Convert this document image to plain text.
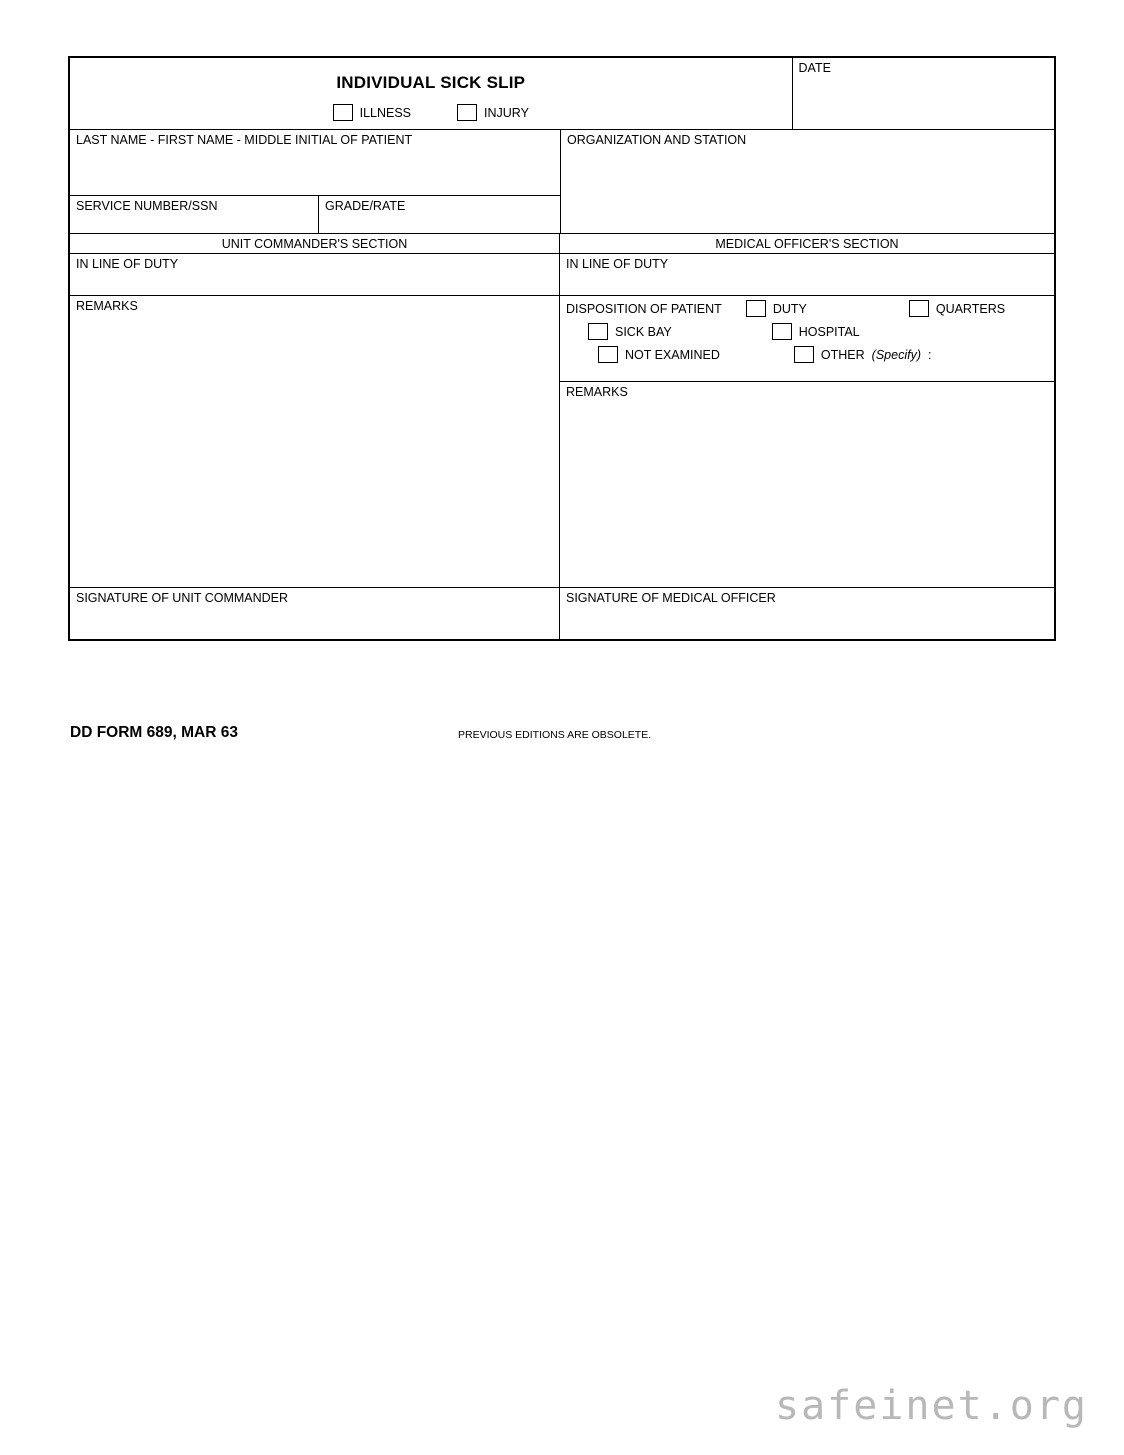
INDIVIDUAL SICK SLIP
ILLNESS	INJURY
DATE
LAST NAME - FIRST NAME - MIDDLE INITIAL OF PATIENT
SERVICE NUMBER/SSN	GRADE/RATE
ORGANIZATION AND STATION
UNIT COMMANDER'S SECTION	MEDICAL OFFICER'S SECTION
IN LINE OF DUTY	IN LINE OF DUTY
REMARKS	DISPOSITION OF PATIENT	DUTY	QUARTERS
SICK BAY	HOSPITAL
NOT EXAMINED	OTHER (Specify) :
REMARKS
SIGNATURE OF UNIT COMMANDER	SIGNATURE OF MEDICAL OFFICER
DD FORM 689, MAR 63	PREVIOUS EDITIONS ARE OBSOLETE.
safeinet.org
